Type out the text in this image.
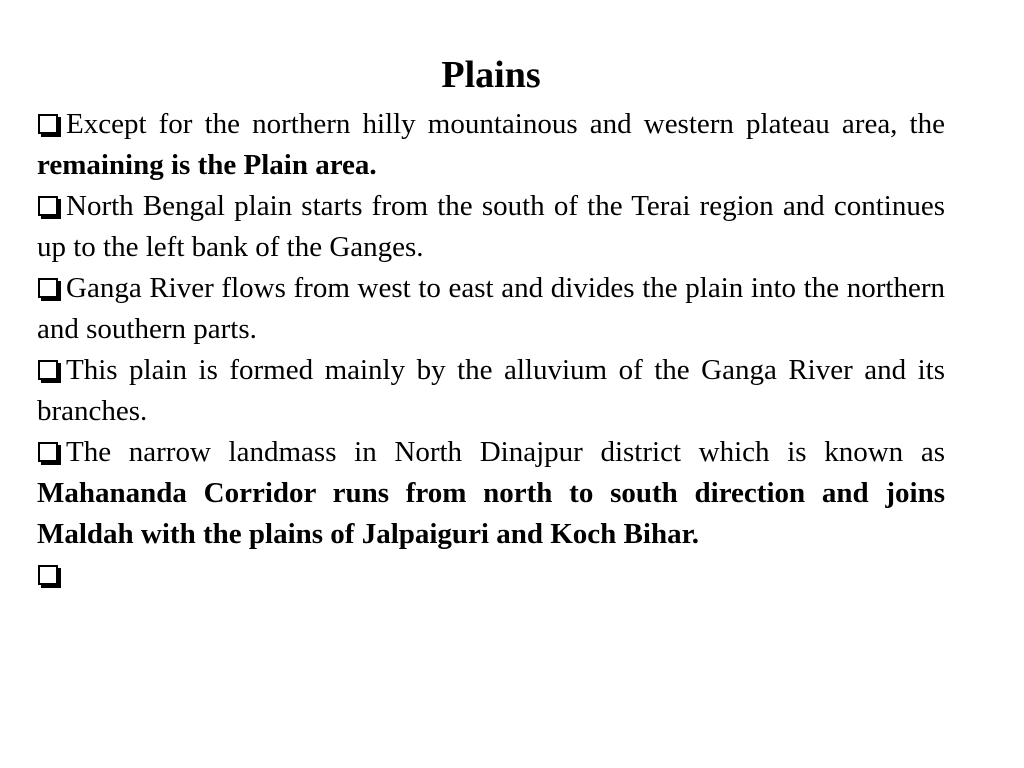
Plains

Except for the northern hilly mountainous and western plateau area, the remaining is the Plain area.

North Bengal plain starts from the south of the Terai region and continues up to the left bank of the Ganges.

Ganga River flows from west to east and divides the plain into the northern and southern parts.

This plain is formed mainly by the alluvium of the Ganga River and its branches.

The narrow landmass in North Dinajpur district which is known as Mahananda Corridor runs from north to south direction and joins Maldah with the plains of Jalpaiguri and Koch Bihar.
